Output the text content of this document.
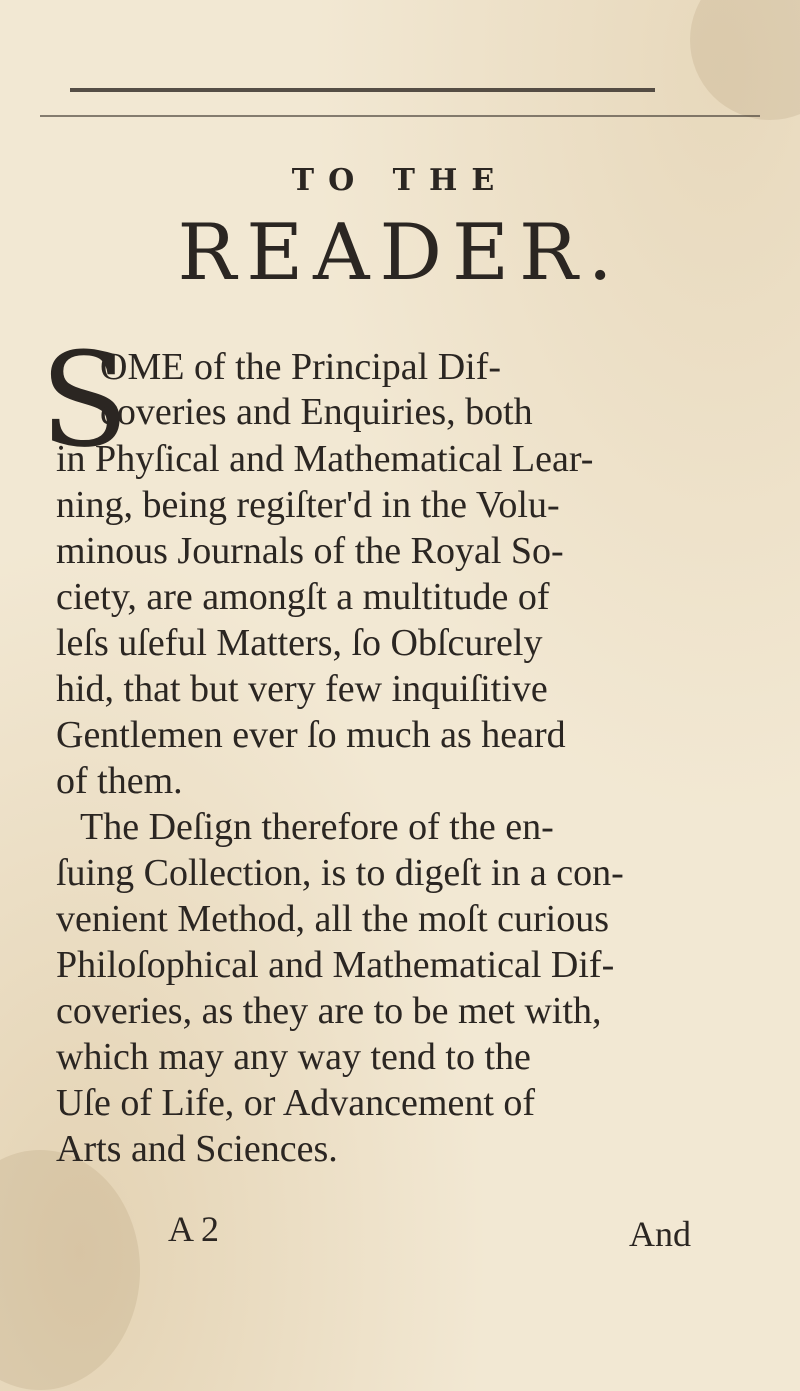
TO THE
READER.
S
OME of the Principal Dif-
coveries and Enquiries, both
in Phyſical and Mathematical Lear-
ning, being regiſter'd in the Volu-
minous Journals of the Royal So-
ciety, are amongſt a multitude of
leſs uſeful Matters, ſo Obſcurely
hid, that but very few inquiſitive
Gentlemen ever ſo much as heard
of them.
The Deſign therefore of the en-
ſuing Collection, is to digeſt in a con-
venient Method, all the moſt curious
Philoſophical and Mathematical Dif-
coveries, as they are to be met with,
which may any way tend to the
Uſe of Life, or Advancement of
Arts and Sciences.
A 2	And
